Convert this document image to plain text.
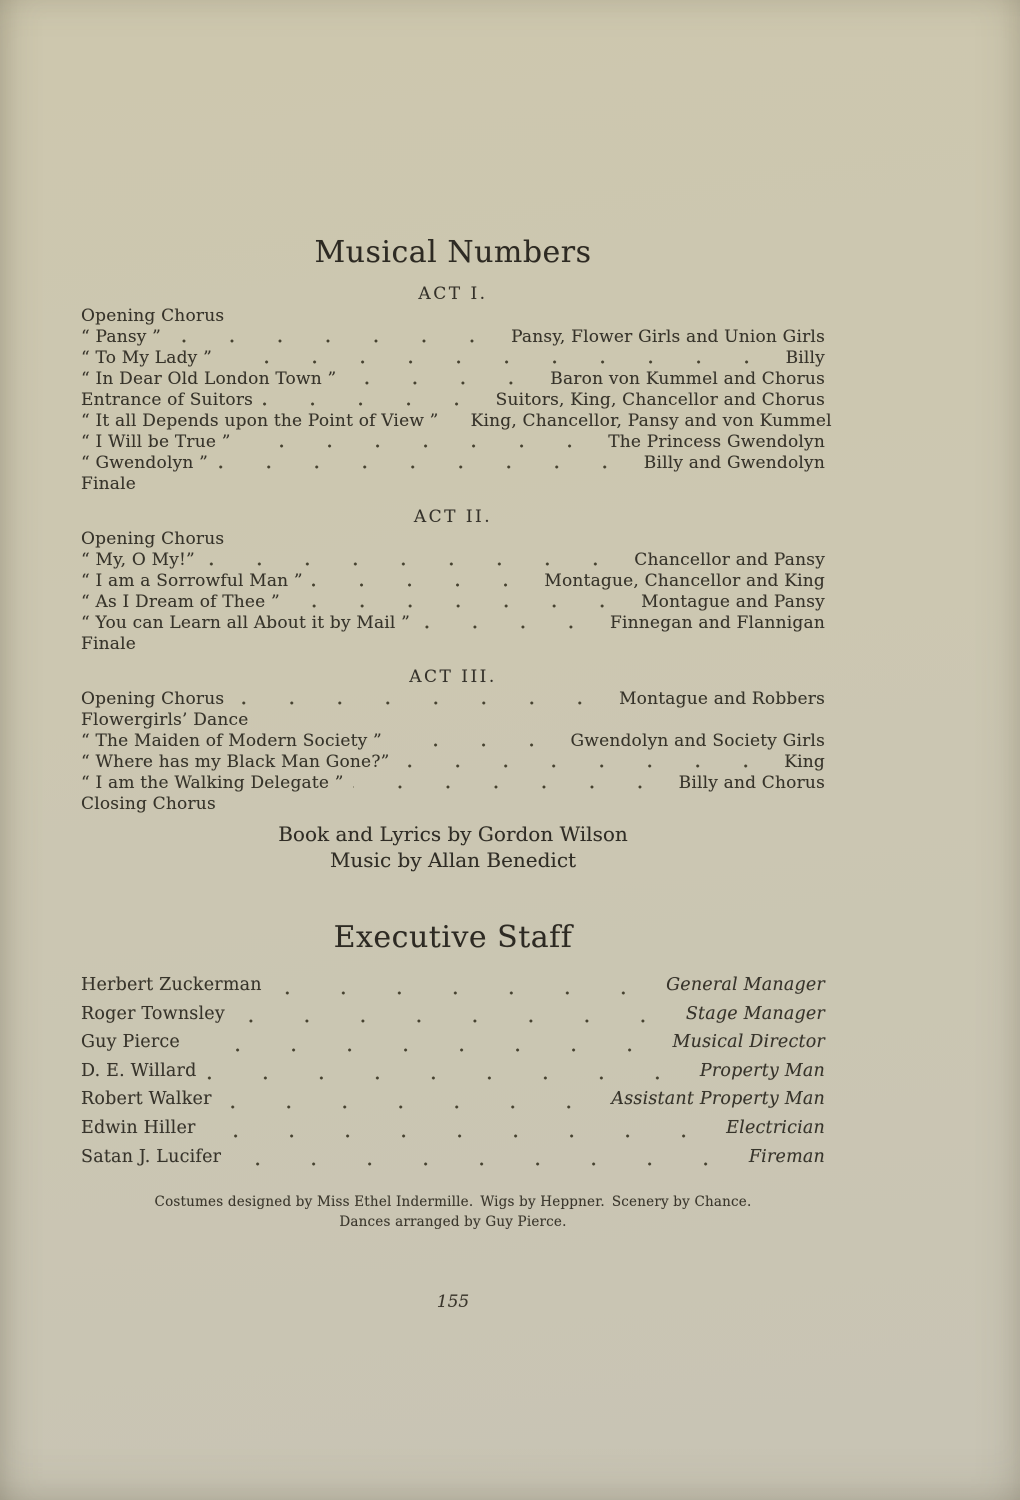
Musical Numbers
ACT I.
Opening Chorus
“ Pansy ”	Pansy, Flower Girls and Union Girls
“ To My Lady ”	Billy
“ In Dear Old London Town ”	Baron von Kummel and Chorus
Entrance of Suitors	Suitors, King, Chancellor and Chorus
“ It all Depends upon the Point of View ” King, Chancellor, Pansy and von Kummel
“ I Will be True ”	The Princess Gwendolyn
“ Gwendolyn ”	Billy and Gwendolyn
Finale
ACT II.
Opening Chorus
“ My, O My!”	Chancellor and Pansy
“ I am a Sorrowful Man ”	Montague, Chancellor and King
“ As I Dream of Thee ”	Montague and Pansy
“ You can Learn all About it by Mail ”	Finnegan and Flannigan
Finale
ACT III.
Opening Chorus	Montague and Robbers
Flowergirls’ Dance
“ The Maiden of Modern Society ”	Gwendolyn and Society Girls
“ Where has my Black Man Gone?”	King
“ I am the Walking Delegate ”	Billy and Chorus
Closing Chorus
Book and Lyrics by Gordon Wilson
Music by Allan Benedict
Executive Staff
Herbert Zuckerman	General Manager
Roger Townsley	Stage Manager
Guy Pierce	Musical Director
D. E. Willard	Property Man
Robert Walker	Assistant Property Man
Edwin Hiller	Electrician
Satan J. Lucifer	Fireman
Costumes designed by Miss Ethel Indermille. Wigs by Heppner. Scenery by Chance.
Dances arranged by Guy Pierce.
155
